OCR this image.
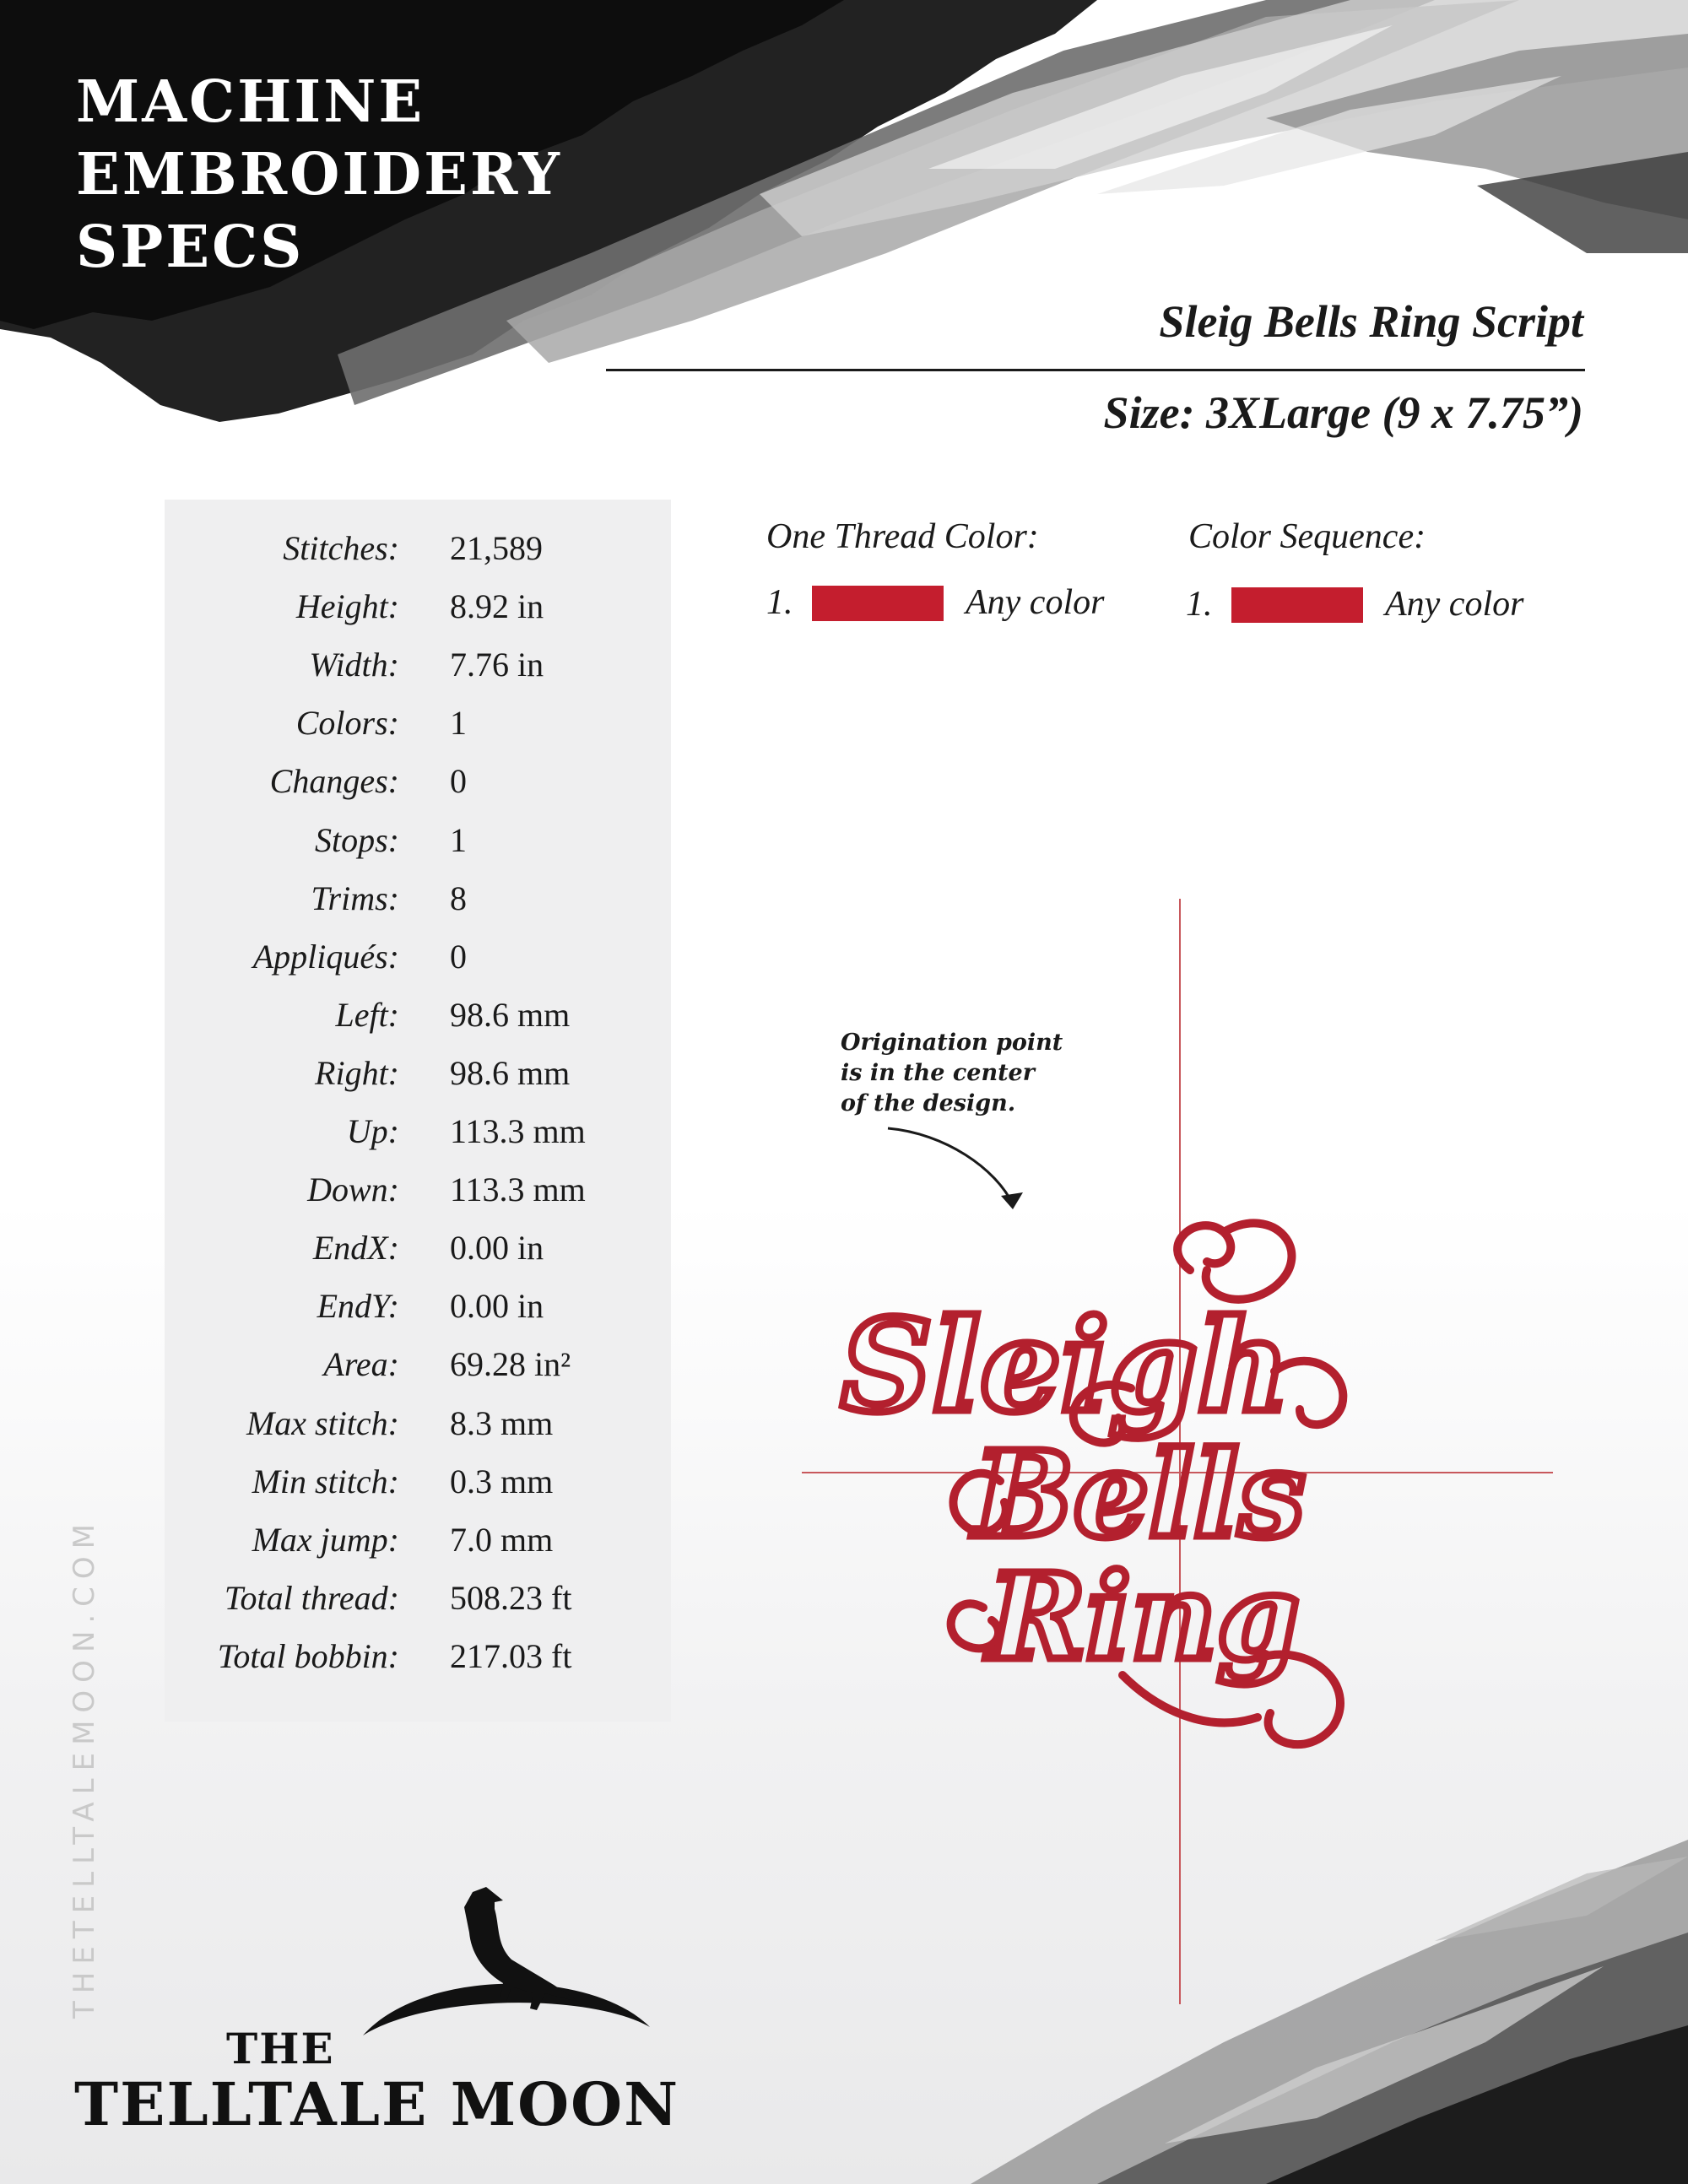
MACHINE
EMBROIDERY
SPECS
Sleig Bells Ring Script
Size: 3XLarge (9 x 7.75”)
Stitches: 21,589
Height: 8.92 in
Width: 7.76 in
Colors: 1
Changes: 0
Stops: 1
Trims: 8
Appliqués: 0
Left: 98.6 mm
Right: 98.6 mm
Up: 113.3 mm
Down: 113.3 mm
EndX: 0.00 in
EndY: 0.00 in
Area: 69.28 in²
Max stitch: 8.3 mm
Min stitch: 0.3 mm
Max jump: 7.0 mm
Total thread: 508.23 ft
Total bobbin: 217.03 ft
One Thread Color:
1.	Any color
Color Sequence:
1.	Any color
Origination point
is in the center
of the design.
Sleigh
Bells
Ring
THETELLTALEMOON.COM
THE
TELLTALE MOON
